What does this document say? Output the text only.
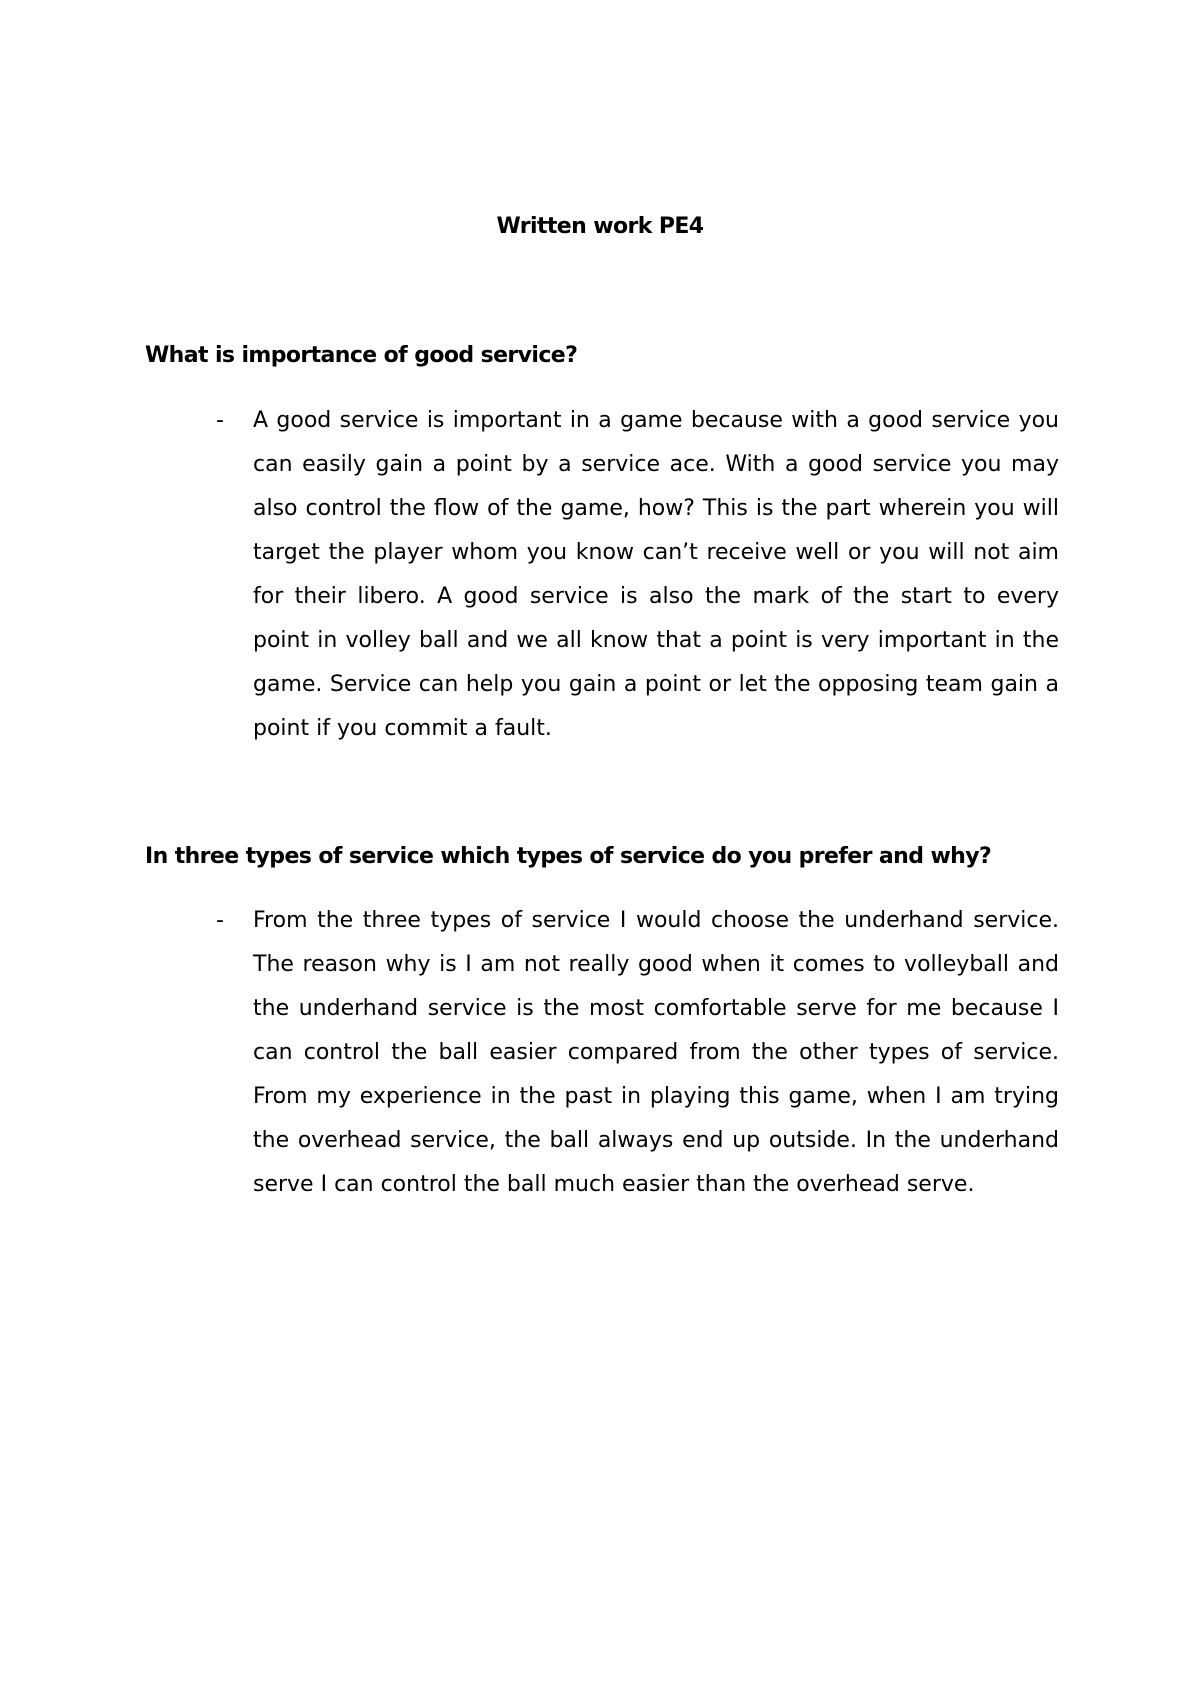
Written work PE4
What is importance of good service?
- A good service is important in a game because with a good service you can easily gain a point by a service ace. With a good service you may also control the flow of the game, how? This is the part wherein you will target the player whom you know can’t receive well or you will not aim for their libero. A good service is also the mark of the start to every point in volley ball and we all know that a point is very important in the game. Service can help you gain a point or let the opposing team gain a point if you commit a fault.

In three types of service which types of service do you prefer and why?
- From the three types of service I would choose the underhand service. The reason why is I am not really good when it comes to volleyball and the underhand service is the most comfortable serve for me because I can control the ball easier compared from the other types of service. From my experience in the past in playing this game, when I am trying the overhead service, the ball always end up outside. In the underhand serve I can control the ball much easier than the overhead serve.
